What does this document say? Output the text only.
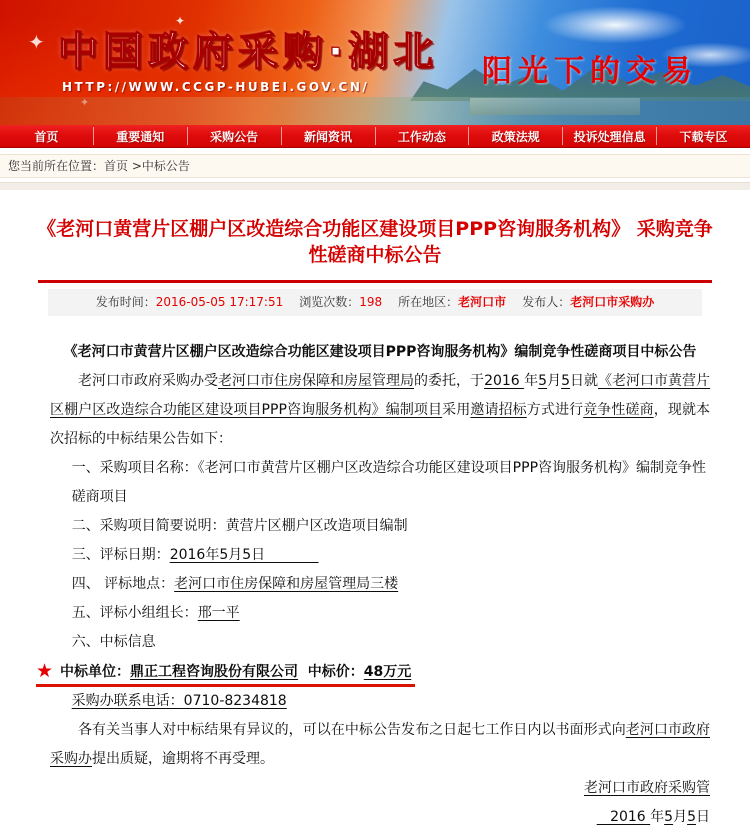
✦
✦
中国政府采购·湖北
HTTP://WWW.CCGP-HUBEI.GOV.CN/	阳光下的交易
首页	重要通知	采购公告	新闻资讯	工作动态	政策法规	投诉处理信息	下载专区
您当前所在位置：首页 >中标公告
《老河口黄营片区棚户区改造综合功能区建设项目PPP咨询服务机构》 采购竞争性磋商中标公告
发布时间：2016-05-05 17:17:51 浏览次数：198 所在地区：老河口市 发布人：老河口市采购办

《老河口市黄营片区棚户区改造综合功能区建设项目PPP咨询服务机构》编制竞争性磋商项目中标公告

老河口市政府采购办受老河口市住房保障和房屋管理局的委托，于2016 年5月5日就《老河口市黄营片区棚户区改造综合功能区建设项目PPP咨询服务机构》编制项目采用邀请招标方式进行竞争性磋商，现就本次招标的中标结果公告如下：

一、采购项目名称：《老河口市黄营片区棚户区改造综合功能区建设项目PPP咨询服务机构》编制竞争性磋商项目

二、采购项目简要说明：黄营片区棚户区改造项目编制

三、评标日期：2016年5月5日

四、 评标地点：老河口市住房保障和房屋管理局三楼

五、评标小组组长：邢一平

六、中标信息

★ 中标单位：鼎正工程咨询股份有限公司  中标价：48万元

采购办联系电话：0710-8234818

各有关当事人对中标结果有异议的，可以在中标公告发布之日起七工作日内以书面形式向老河口市政府采购办提出质疑，逾期将不再受理。

老河口市政府采购管

2016 年5月5日
